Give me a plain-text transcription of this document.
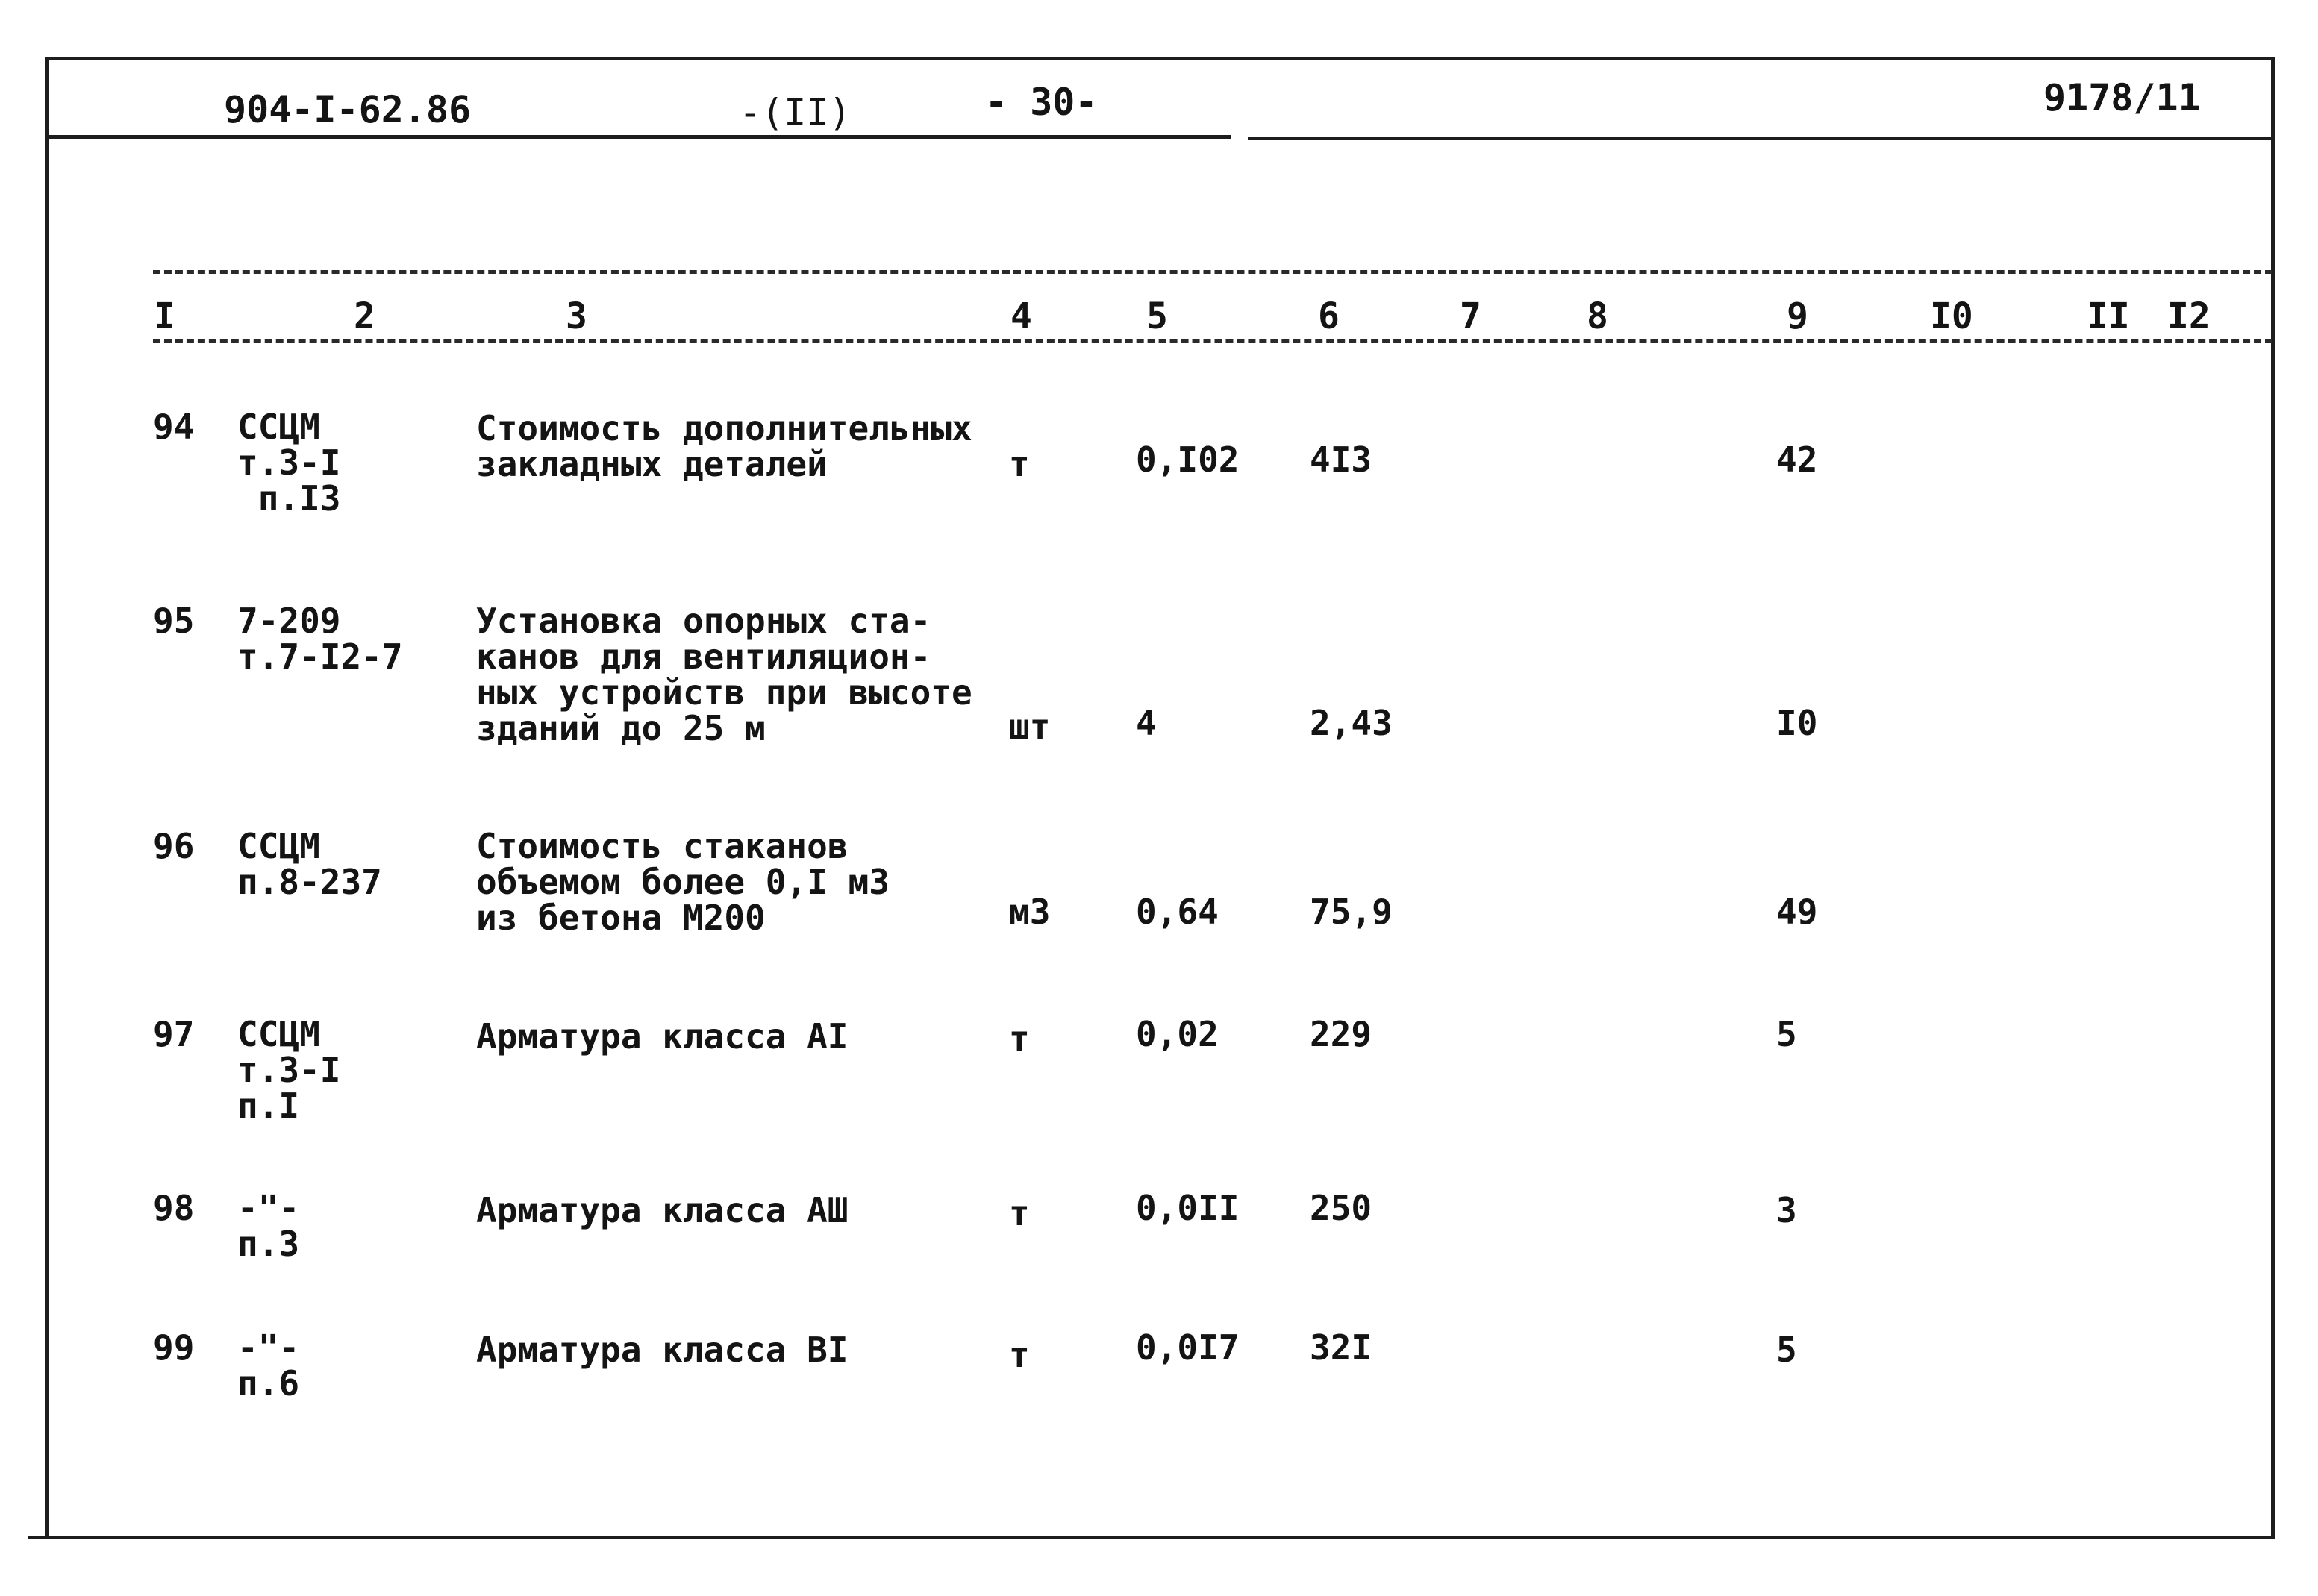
904-I-62.86	-(II)	- 30-	9178/11
I	2	3	4	5	6	7	8	9	I0	II I2
94 ССЦМ
т.3-I
п.I3
Стоимость дополнительных
закладных деталей	т	0,I02 4I3	42
95 7-209
т.7-I2-7
Установка опорных ста-
канов для вентиляцион-
ных устройств при высоте
зданий до 25 м	шт 4	2,43	I0
96 ССЦМ
п.8-237
Стоимость стаканов
объемом более 0,I м3
из бетона М200	м3 0,64	75,9	49
97 ССЦМ
т.3-I
п.I
Арматура класса АI	т	0,02	229	5
98 -"-
п.3
Арматура класса АШ	т	0,0II 250	3
99 -"-
п.6
Арматура класса ВI	т	0,0I7 32I	5
